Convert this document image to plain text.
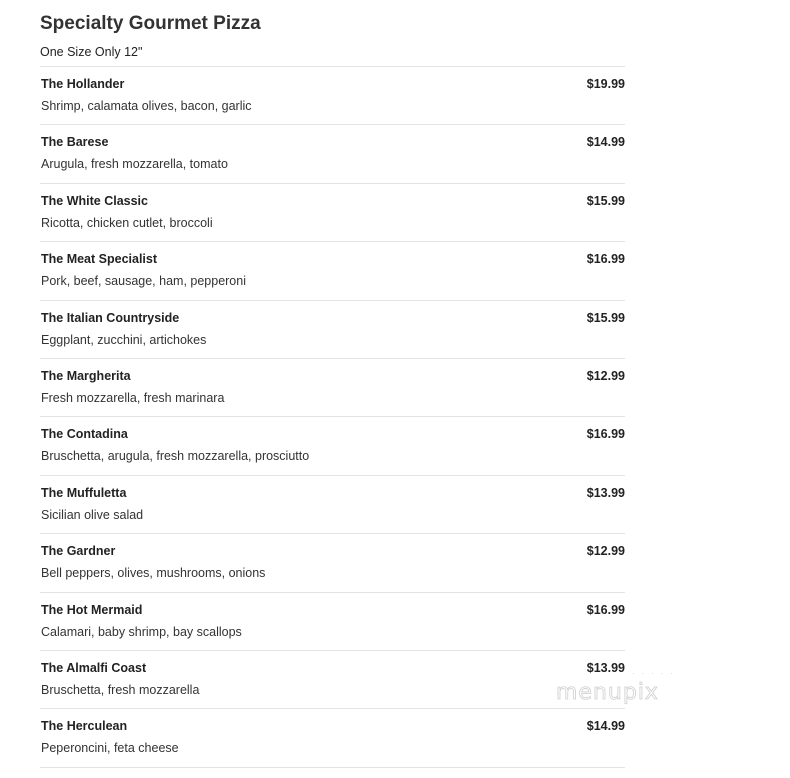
Specialty Gourmet Pizza
One Size Only 12"
The Hollander	$19.99
Shrimp, calamata olives, bacon, garlic
The Barese	$14.99
Arugula, fresh mozzarella, tomato
The White Classic	$15.99
Ricotta, chicken cutlet, broccoli
The Meat Specialist	$16.99
Pork, beef, sausage, ham, pepperoni
The Italian Countryside	$15.99
Eggplant, zucchini, artichokes
The Margherita	$12.99
Fresh mozzarella, fresh marinara
The Contadina	$16.99
Bruschetta, arugula, fresh mozzarella, prosciutto
The Muffuletta	$13.99
Sicilian olive salad
The Gardner	$12.99
Bell peppers, olives, mushrooms, onions
The Hot Mermaid	$16.99
Calamari, baby shrimp, bay scallops
The Almalfi Coast	$13.99
Bruschetta, fresh mozzarella
The Herculean	$14.99
Peperoncini, feta cheese
· · · · ·
menupix
